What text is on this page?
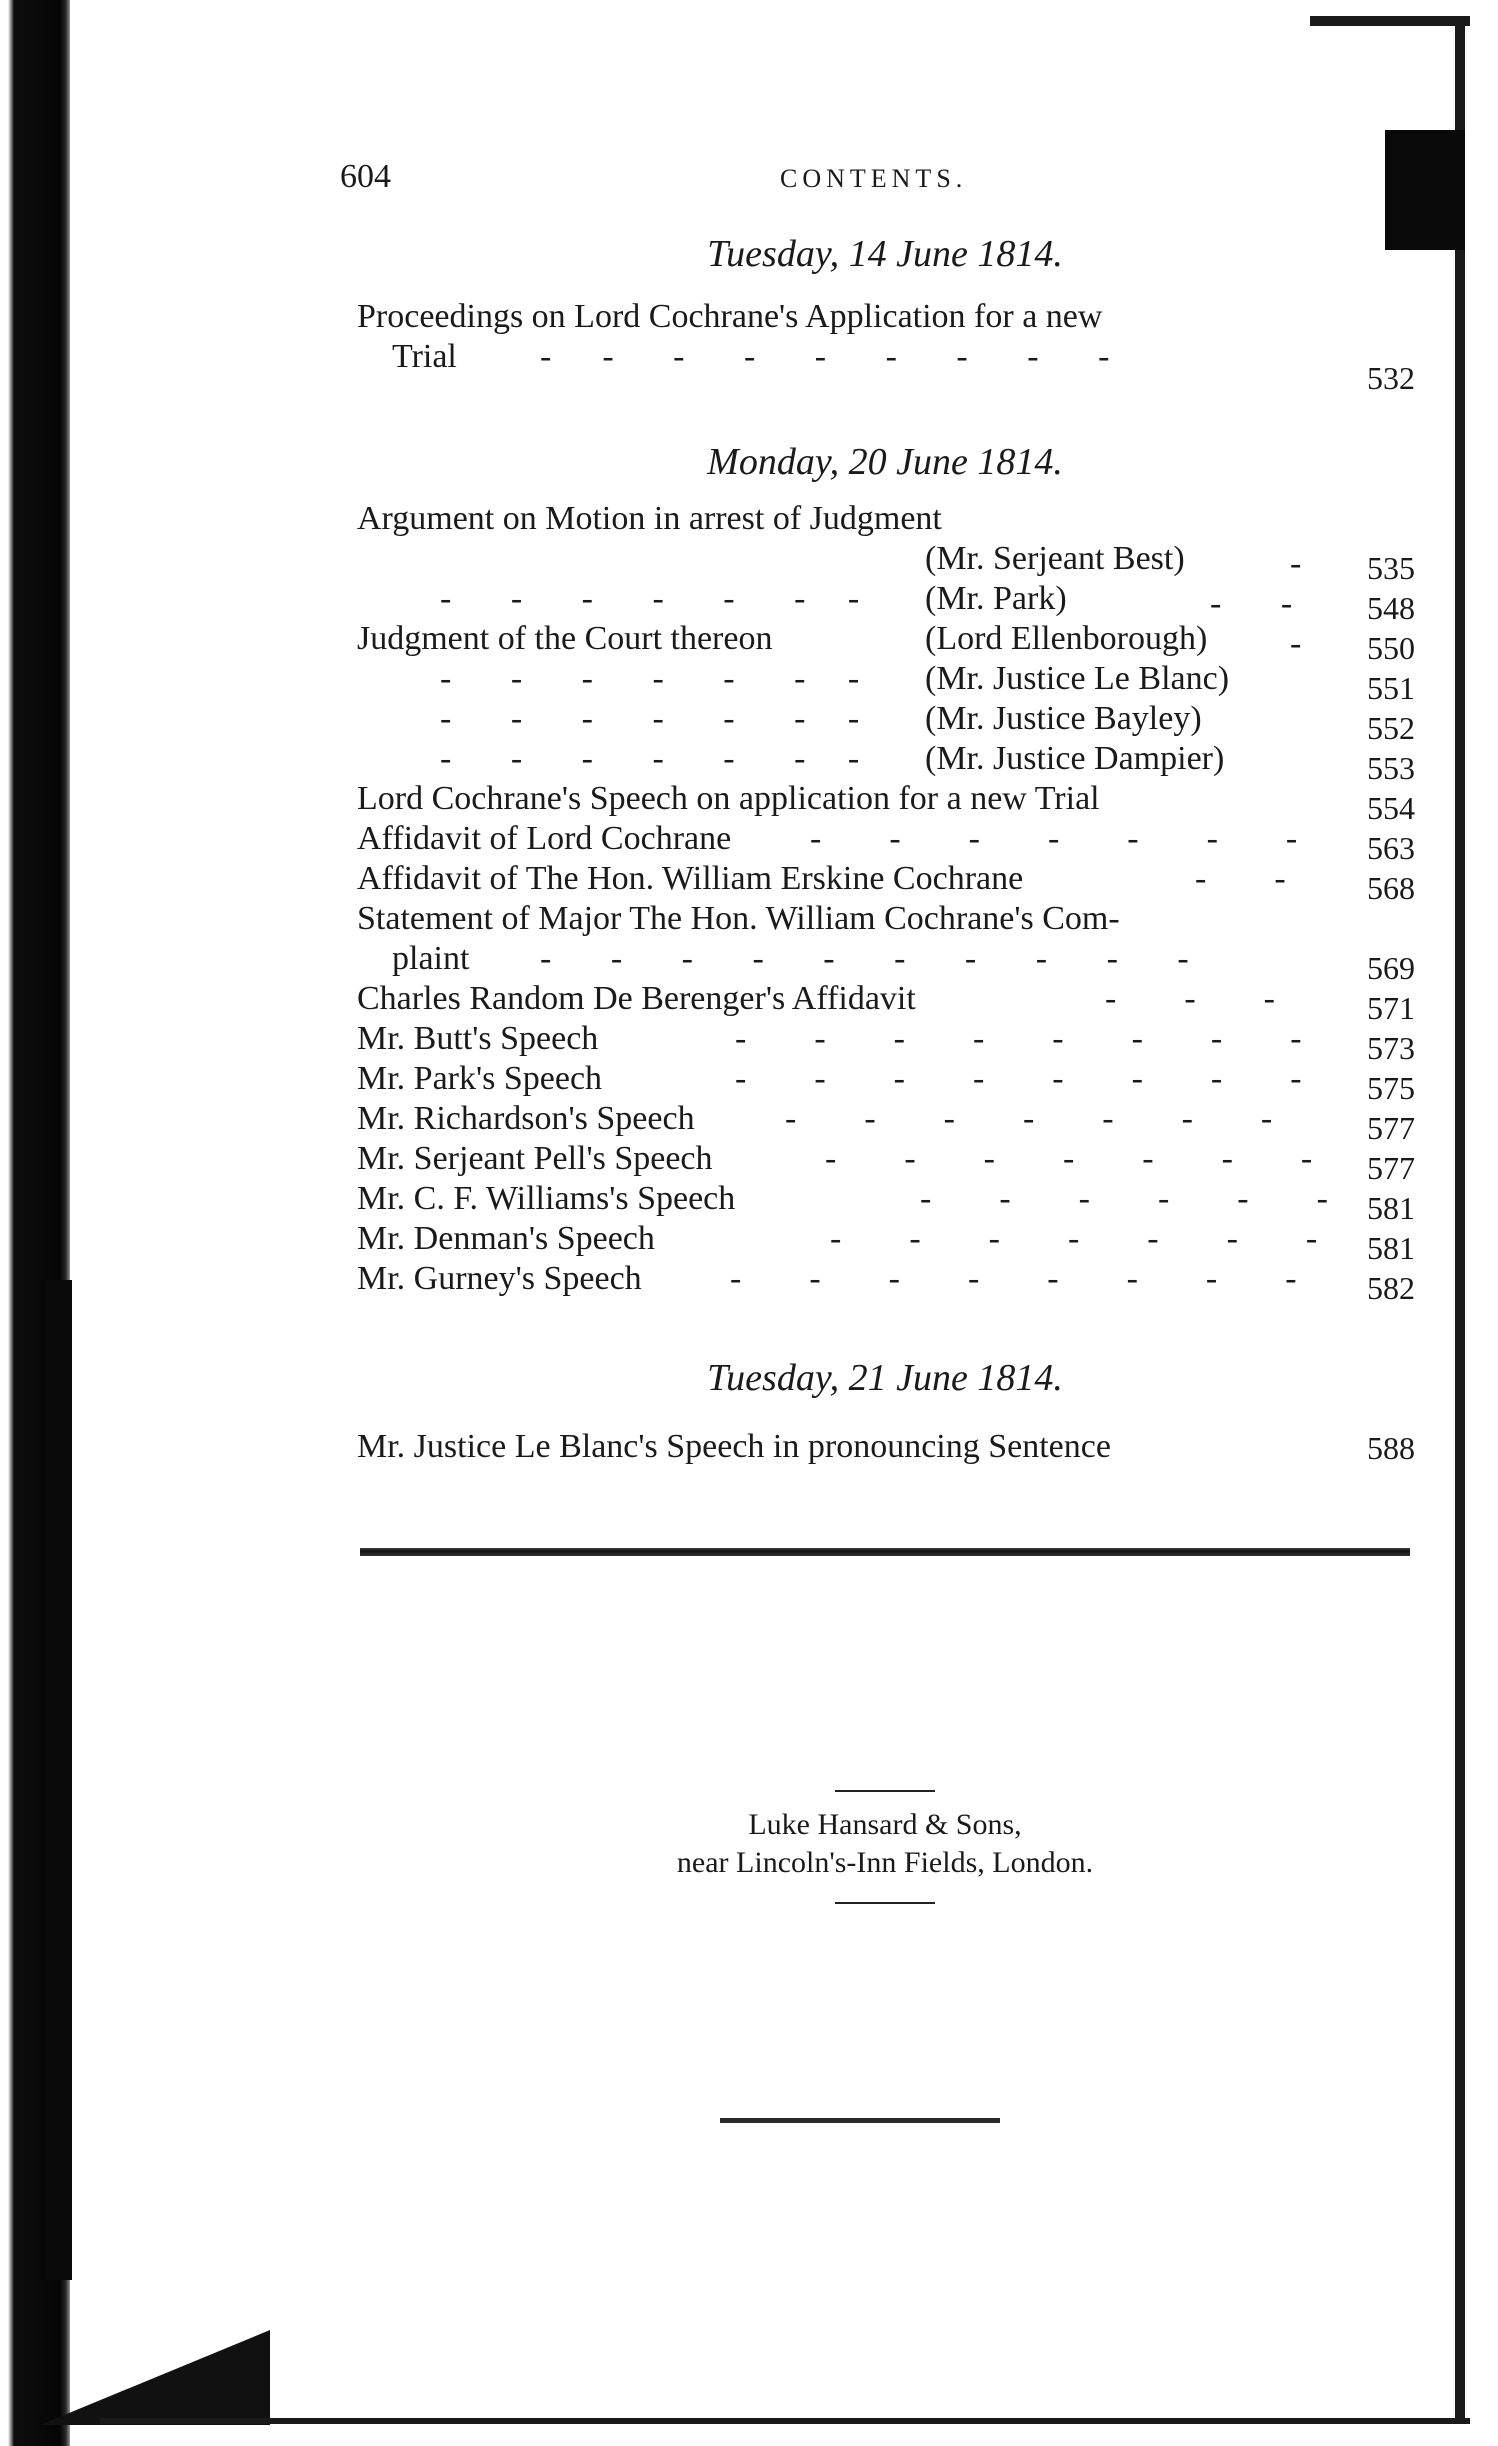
604	CONTENTS.
Tuesday, 14 June 1814.
Proceedings on Lord Cochrane's Application for a new
Trial -      -       -       -       -       -       -       -       -
532
Monday, 20 June 1814.
Argument on Motion in arrest of Judgment
(Mr. Serjeant Best)	-	535
-       -       -       -       -       -     - (Mr. Park)	-       -	548
Judgment of the Court thereon	(Lord Ellenborough) -	550
-       -       -       -       -       -     - (Mr. Justice Le Blanc)	551
-       -       -       -       -       -     - (Mr. Justice Bayley)	552
-       -       -       -       -       -     - (Mr. Justice Dampier)	553
Lord Cochrane's Speech on application for a new Trial	554
Affidavit of Lord Cochrane -        -        -        -        -        -        -	563
Affidavit of The Hon. William Erskine Cochrane	-        -	568
Statement of Major The Hon. William Cochrane's Com-
plaint -       -       -       -       -       -       -       -       -       -	569
Charles Random De Berenger's Affidavit	-        -        -	571
Mr. Butt's Speech	-        -        -        -        -        -        -        -	573
Mr. Park's Speech	-        -        -        -        -        -        -        -	575
Mr. Richardson's Speech	-        -        -        -        -        -        -	577
Mr. Serjeant Pell's Speech	-        -        -        -        -        -        -	577
Mr. C. F. Williams's Speech	-        -        -        -        -        -	581
Mr. Denman's Speech	-        -        -        -        -        -        -	581
Mr. Gurney's Speech	-        -        -        -        -        -        -        -	582
Tuesday, 21 June 1814.
Mr. Justice Le Blanc's Speech in pronouncing Sentence	588
Luke Hansard & Sons,
near Lincoln's-Inn Fields, London.
